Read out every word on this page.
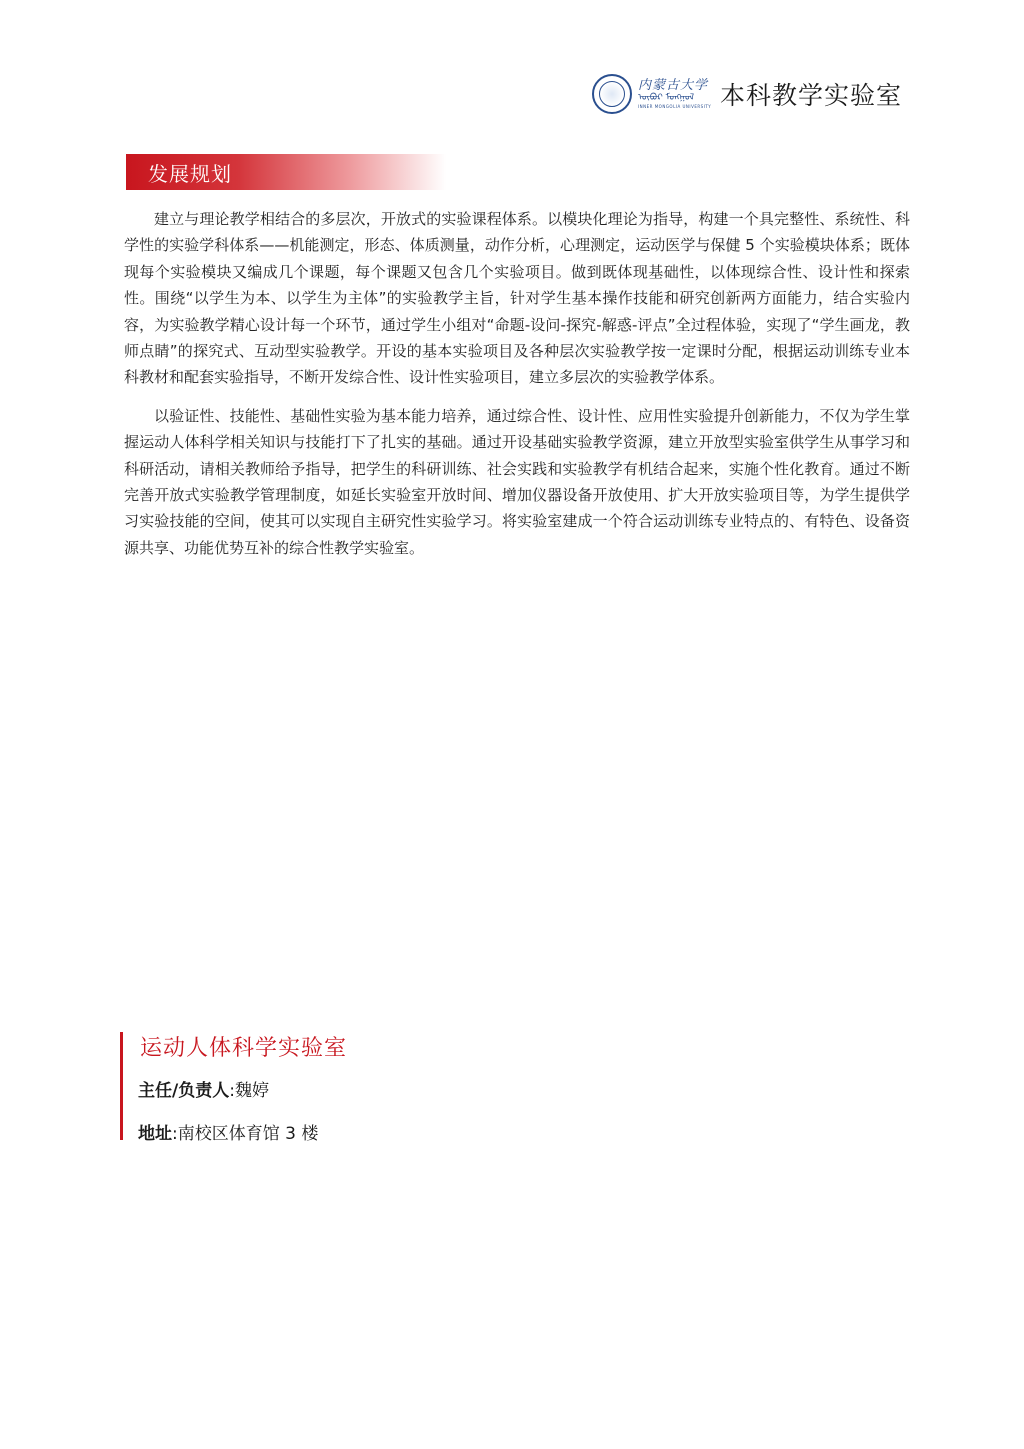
内蒙古大学
ᠥᠪᠦᠷ ᠮᠣᠩᠭᠣᠯ
INNER MONGOLIA UNIVERSITY 本科教学实验室
发展规划

建立与理论教学相结合的多层次，开放式的实验课程体系。以模块化理论为指导，构建一个具完整性、系统性、科学性的实验学科体系——机能测定，形态、体质测量，动作分析，心理测定，运动医学与保健 5 个实验模块体系；既体现每个实验模块又编成几个课题，每个课题又包含几个实验项目。做到既体现基础性，以体现综合性、设计性和探索性。围绕“以学生为本、以学生为主体”的实验教学主旨，针对学生基本操作技能和研究创新两方面能力，结合实验内容，为实验教学精心设计每一个环节，通过学生小组对“命题-设问-探究-解惑-评点”全过程体验，实现了“学生画龙，教师点睛”的探究式、互动型实验教学。开设的基本实验项目及各种层次实验教学按一定课时分配，根据运动训练专业本科教材和配套实验指导，不断开发综合性、设计性实验项目，建立多层次的实验教学体系。

以验证性、技能性、基础性实验为基本能力培养，通过综合性、设计性、应用性实验提升创新能力，不仅为学生掌握运动人体科学相关知识与技能打下了扎实的基础。通过开设基础实验教学资源，建立开放型实验室供学生从事学习和科研活动，请相关教师给予指导，把学生的科研训练、社会实践和实验教学有机结合起来，实施个性化教育。通过不断完善开放式实验教学管理制度，如延长实验室开放时间、增加仪器设备开放使用、扩大开放实验项目等，为学生提供学习实验技能的空间，使其可以实现自主研究性实验学习。将实验室建成一个符合运动训练专业特点的、有特色、设备资源共享、功能优势互补的综合性教学实验室。

运动人体科学实验室
主任/负责人:魏婷
地址:南校区体育馆 3 楼
